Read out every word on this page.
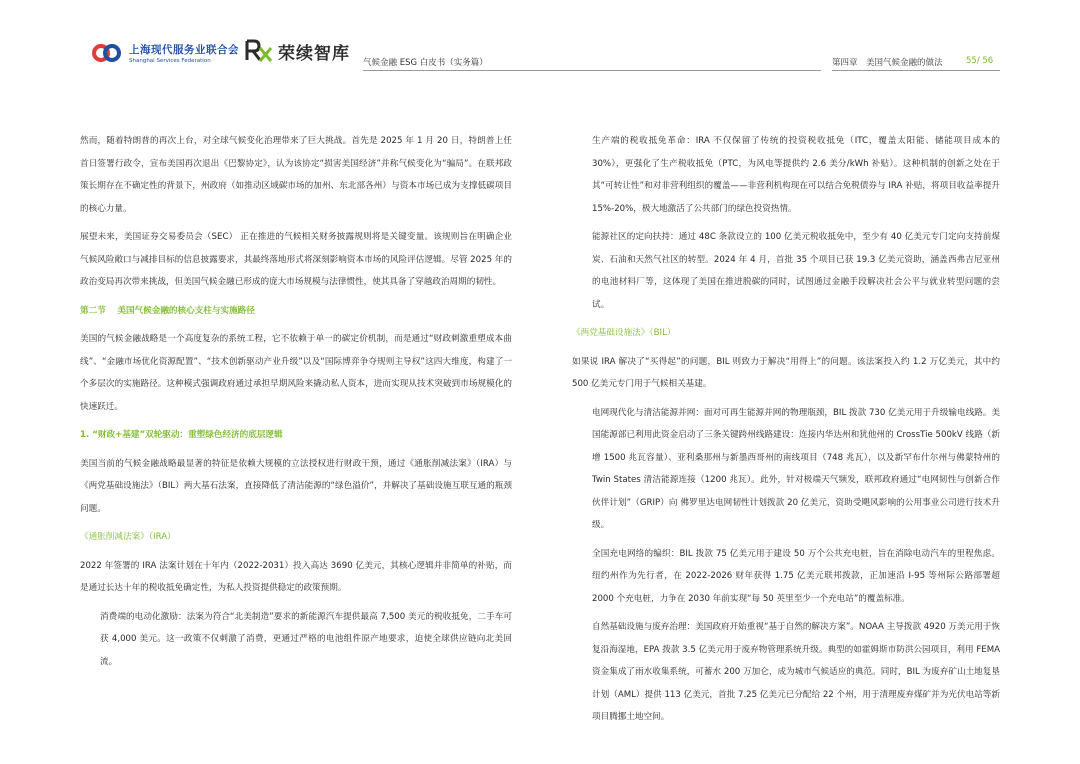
上海现代服务业联合会
Shanghai Services Federation	荣续智库 气候金融 ESG 白皮书（实务篇）	第四章　美国气候金融的做法	55/ 56

然而，随着特朗普的再次上台，对全球气候变化治理带来了巨大挑战。首先是 2025 年 1 月 20 日，特朗普上任首日签署行政令，宣布美国再次退出《巴黎协定》，认为该协定“损害美国经济”并称气候变化为“骗局”。在联邦政策长期存在不确定性的背景下，州政府（如推动区域碳市场的加州、东北部各州）与资本市场已成为支撑低碳项目的核心力量。

展望未来，美国证券交易委员会（SEC） 正在推进的气候相关财务披露规则将是关键变量。该规则旨在明确企业气候风险敞口与减排目标的信息披露要求，其最终落地形式将深刻影响资本市场的风险评估逻辑。尽管 2025 年的政治变局再次带来挑战，但美国气候金融已形成的庞大市场规模与法律惯性，使其具备了穿越政治周期的韧性。

第二节　 美国气候金融的核心支柱与实施路径

美国的气候金融战略是一个高度复杂的系统工程，它不依赖于单一的碳定价机制，而是通过“财政刺激重塑成本曲线”、“金融市场优化资源配置”、“技术创新驱动产业升级”以及“国际博弈争夺规则主导权”这四大维度，构建了一个多层次的实施路径。这种模式强调政府通过承担早期风险来撬动私人资本，进而实现从技术突破到市场规模化的快速跃迁。

1. “财政+基建”双轮驱动：重塑绿色经济的底层逻辑

美国当前的气候金融战略最显著的特征是依赖大规模的立法授权进行财政干预，通过《通胀削减法案》（IRA）与《两党基础设施法》（BIL）两大基石法案，直接降低了清洁能源的“绿色溢价”，并解决了基础设施互联互通的瓶颈问题。

《通胀削减法案》（IRA）

2022 年签署的 IRA 法案计划在十年内（2022-2031）投入高达 3690 亿美元，其核心逻辑并非简单的补贴，而是通过长达十年的税收抵免确定性，为私人投资提供稳定的政策预期。

消费端的电动化激励：法案为符合“北美制造”要求的新能源汽车提供最高 7,500 美元的税收抵免，二手车可获 4,000 美元。这一政策不仅刺激了消费，更通过严格的电池组件原产地要求，迫使全球供应链向北美回流。

生产端的税收抵免革命：IRA 不仅保留了传统的投资税收抵免（ITC，覆盖太阳能、储能项目成本的 30%），更强化了生产税收抵免（PTC，为风电等提供约 2.6 美分/kWh 补贴）。这种机制的创新之处在于其“可转让性”和对非营利组织的覆盖——非营利机构现在可以结合免税债券与 IRA 补贴，将项目收益率提升 15%-20%，极大地激活了公共部门的绿色投资热情。

能源社区的定向扶持：通过 48C 条款设立的 100 亿美元税收抵免中，至少有 40 亿美元专门定向支持前煤炭、石油和天然气社区的转型。2024 年 4 月，首批 35 个项目已获 19.3 亿美元资助，涵盖西弗吉尼亚州的电池材料厂等，这体现了美国在推进脱碳的同时，试图通过金融手段解决社会公平与就业转型问题的尝试。

《两党基础设施法》（BIL）

如果说 IRA 解决了“买得起”的问题，BIL 则致力于解决“用得上”的问题。该法案投入约 1.2 万亿美元，其中约 500 亿美元专门用于气候相关基建。

电网现代化与清洁能源并网：面对可再生能源并网的物理瓶颈，BIL 拨款 730 亿美元用于升级输电线路。美国能源部已利用此资金启动了三条关键跨州线路建设：连接内华达州和犹他州的 CrossTie 500kV 线路（新增 1500 兆瓦容量）、亚利桑那州与新墨西哥州的南线项目（748 兆瓦），以及新罕布什尔州与佛蒙特州的 Twin States 清洁能源连接（1200 兆瓦）。此外，针对极端天气频发，联邦政府通过“电网韧性与创新合作伙伴计划”（GRIP）向 佛罗里达电网韧性计划拨款 20 亿美元，资助受飓风影响的公用事业公司进行技术升级。

全国充电网络的编织：BIL 拨款 75 亿美元用于建设 50 万个公共充电桩，旨在消除电动汽车的里程焦虑。纽约州作为先行者，在 2022-2026 财年获得 1.75 亿美元联邦拨款，正加速沿 I-95 等州际公路部署超 2000 个充电桩，力争在 2030 年前实现“每 50 英里至少一个充电站”的覆盖标准。

自然基础设施与废弃治理：美国政府开始重视“基于自然的解决方案”。NOAA 主导拨款 4920 万美元用于恢复沿海湿地，EPA 拨款 3.5 亿美元用于废弃物管理系统升级。典型的如霍姆斯市防洪公园项目，利用 FEMA 资金集成了雨水收集系统，可蓄水 200 万加仑，成为城市气候适应的典范。同时，BIL 为废弃矿山土地复垦计划（AML）提供 113 亿美元，首批 7.25 亿美元已分配给 22 个州，用于清理废弃煤矿并为光伏电站等新项目腾挪土地空间。
